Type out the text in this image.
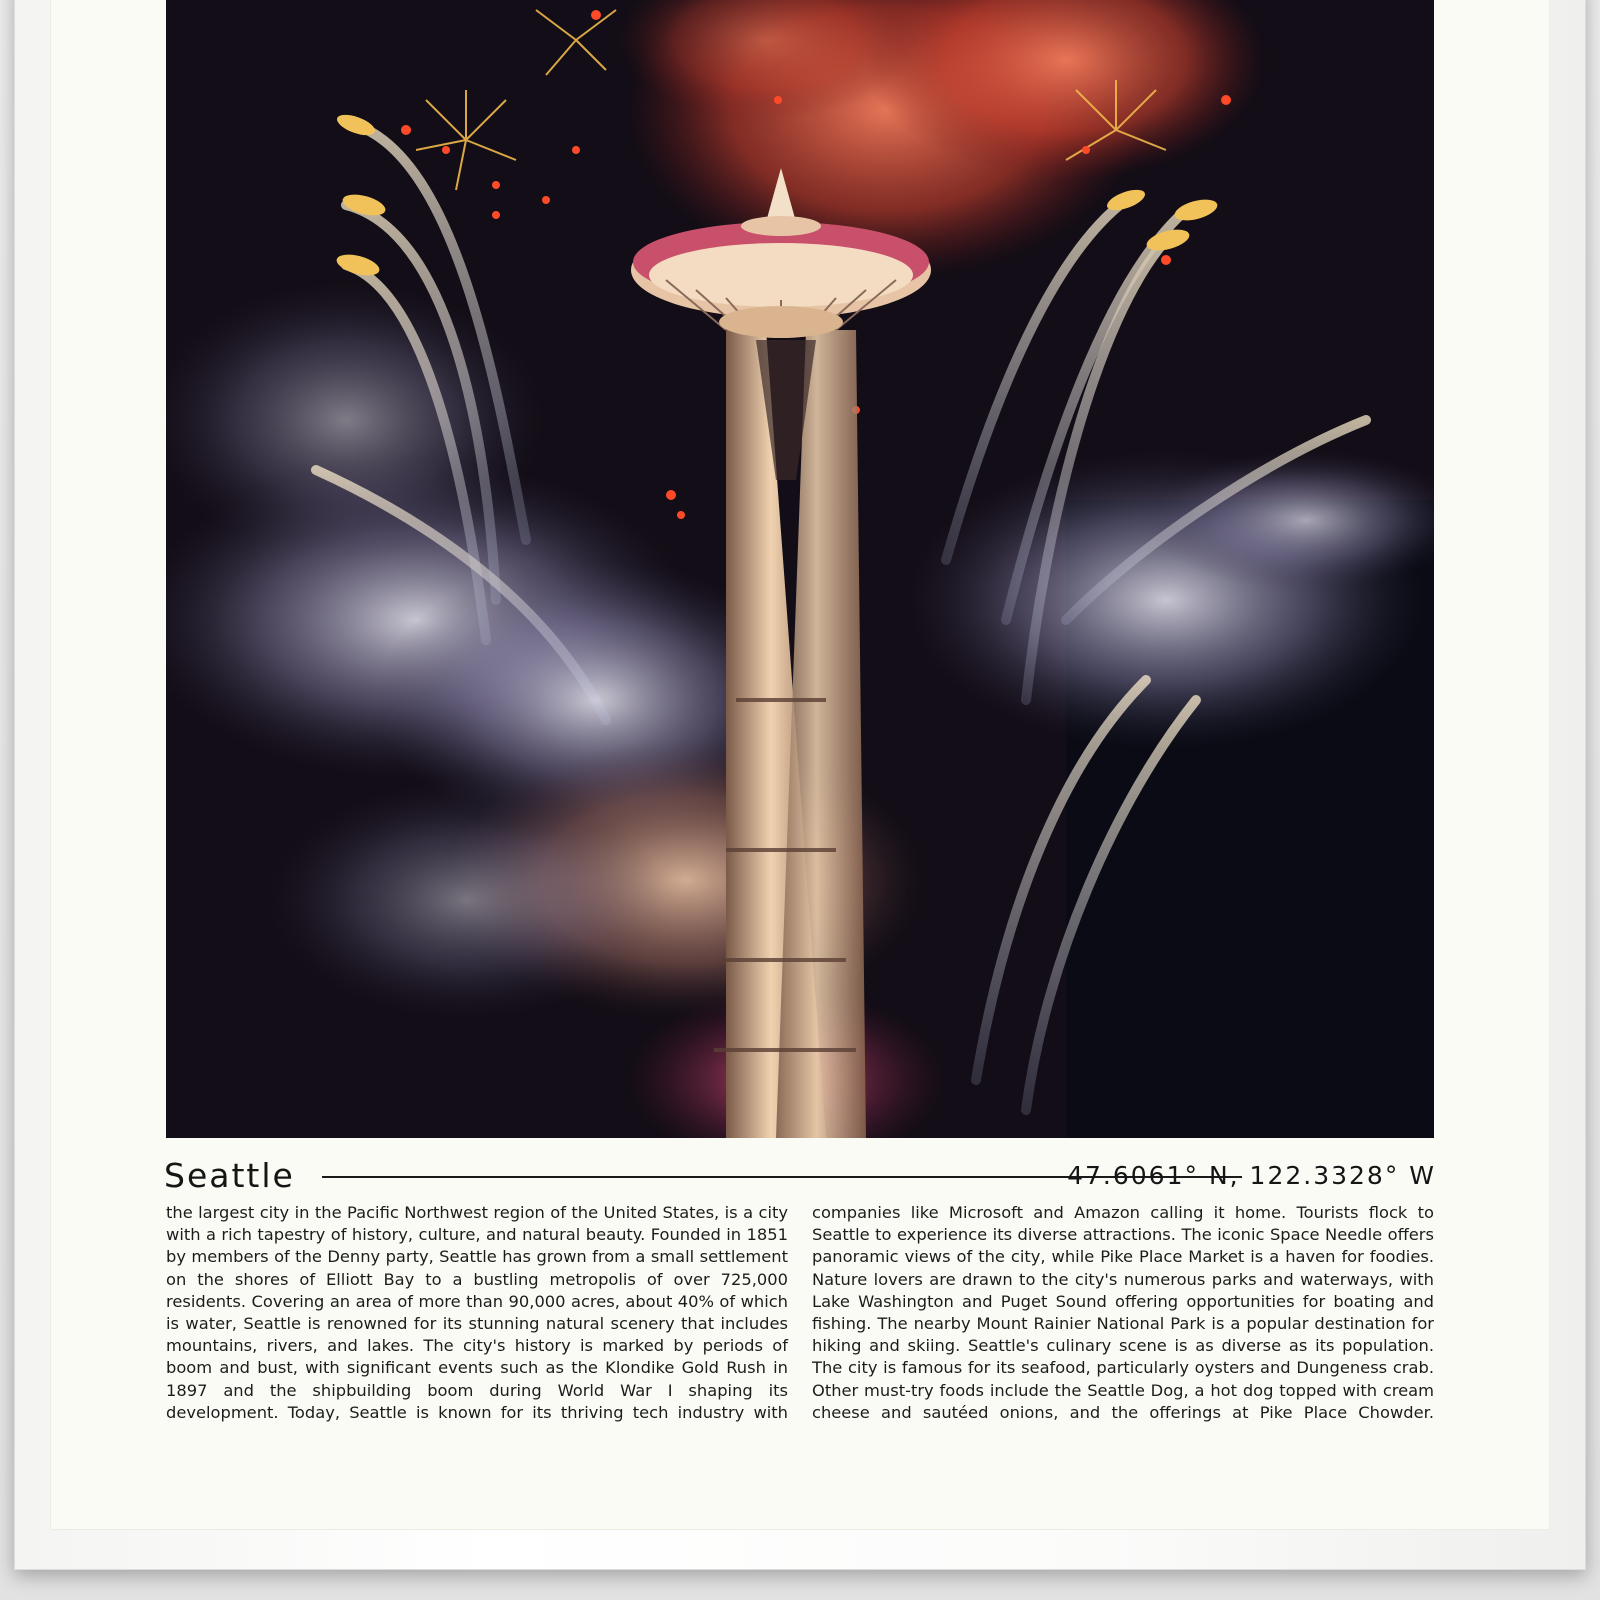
Seattle	47.6061° N, 122.3328° W

the largest city in the Pacific Northwest region of the United States, is a city with a rich tapestry of history, culture, and natural beauty. Founded in 1851 by members of the Denny party, Seattle has grown from a small settlement on the shores of Elliott Bay to a bustling metropolis of over 725,000 residents. Covering an area of more than 90,000 acres, about 40% of which is water, Seattle is renowned for its stunning natural scenery that includes mountains, rivers, and lakes. The city's history is marked by periods of boom and bust, with significant events such as the Klondike Gold Rush in 1897 and the shipbuilding boom during World War I shaping its development. Today, Seattle is known for its thriving tech industry with

companies like Microsoft and Amazon calling it home. Tourists flock to Seattle to experience its diverse attractions. The iconic Space Needle offers panoramic views of the city, while Pike Place Market is a haven for foodies. Nature lovers are drawn to the city's numerous parks and waterways, with Lake Washington and Puget Sound offering opportunities for boating and fishing. The nearby Mount Rainier National Park is a popular destination for hiking and skiing. Seattle's culinary scene is as diverse as its population. The city is famous for its seafood, particularly oysters and Dungeness crab. Other must-try foods include the Seattle Dog, a hot dog topped with cream cheese and sautéed onions, and the offerings at Pike Place Chowder.
